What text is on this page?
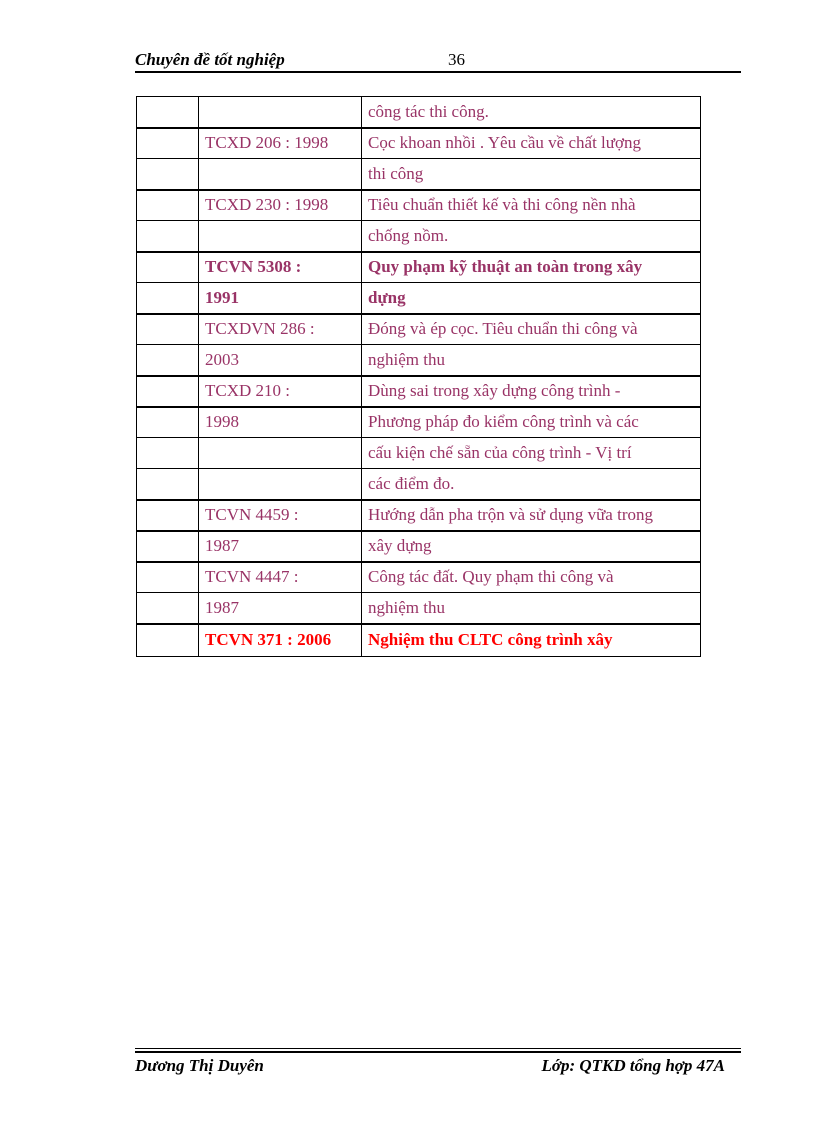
Chuyên đề tốt nghiệp	36
		công tác thi công.
	TCXD 206 : 1998	Cọc khoan nhồi . Yêu cầu về chất lượng
		thi công
	TCXD 230 : 1998	Tiêu chuẩn thiết kế và thi công nền nhà
		chống nồm.
	TCVN 5308 :	Quy phạm kỹ thuật an toàn trong xây
	1991	dựng
	TCXDVN 286 :	Đóng và ép cọc. Tiêu chuẩn thi công và
	2003	nghiệm thu
	TCXD 210 :	Dùng sai trong xây dựng công trình -
	1998	Phương pháp đo kiểm công trình và các
		cấu kiện chế sẵn của công trình - Vị trí
		các điểm đo.
	TCVN 4459 :	Hướng dẫn pha trộn và sử dụng vữa trong
	1987	xây dựng
	TCVN 4447 :	Công tác đất. Quy phạm thi công và
	1987	nghiệm thu
	TCVN 371 : 2006	Nghiệm thu CLTC công trình xây
Dương Thị Duyên	Lớp: QTKD tổng hợp 47A
